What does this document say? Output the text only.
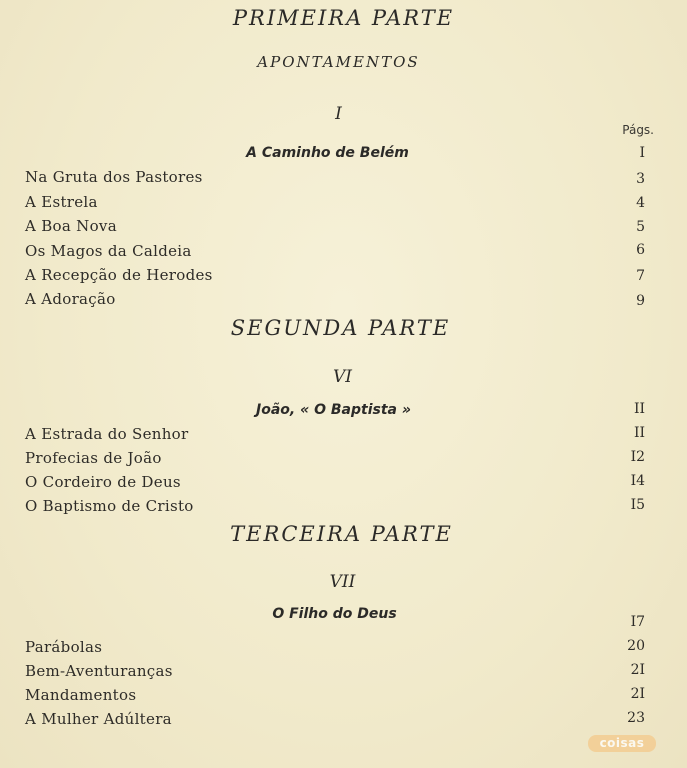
PRIMEIRA PARTE
APONTAMENTOS
I
Págs.
A Caminho de Belém	I
Na Gruta dos Pastores	3
A Estrela	4
A Boa Nova	5
Os Magos da Caldeia	6
A Recepção de Herodes	7
A Adoração	9
SEGUNDA PARTE
VI
João, « O Baptista »	II
A Estrada do Senhor	II
Profecias de João	I2
O Cordeiro de Deus	I4
O Baptismo de Cristo	I5
TERCEIRA PARTE
VII
O Filho do Deus	I7
Parábolas	20
Bem-Aventuranças	2I
Mandamentos	2I
A Mulher Adúltera	23
coisas
